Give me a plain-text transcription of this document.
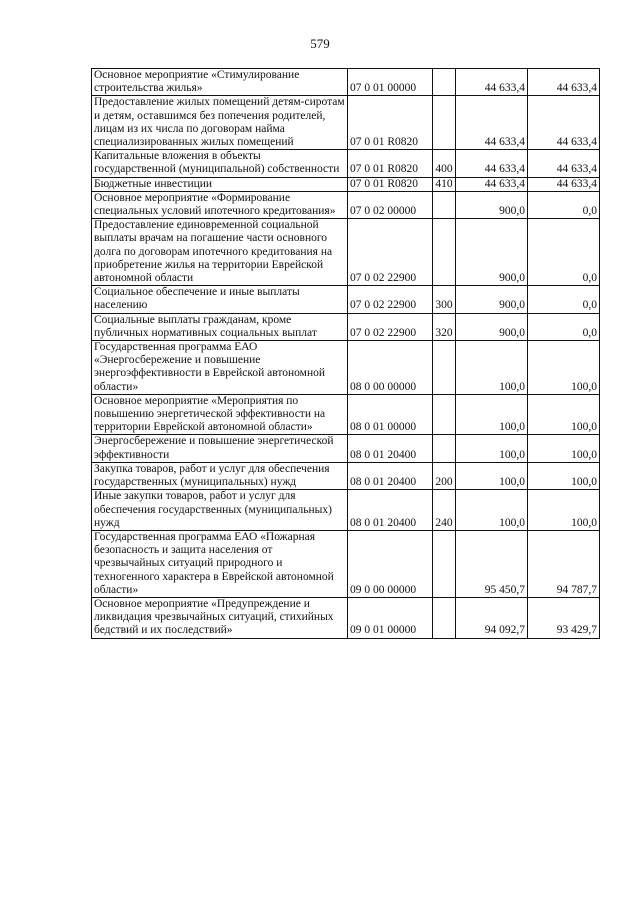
579
Основное мероприятие «Стимулирование строительства жилья»	07 0 01 00000		44 633,4	44 633,4
Предоставление жилых помещений детям-сиротам и детям, оставшимся без попечения родителей, лицам из их числа по договорам найма специализированных жилых помещений	07 0 01 R0820		44 633,4	44 633,4
Капитальные вложения в объекты государственной (муниципальной) собственности	07 0 01 R0820	400	44 633,4	44 633,4
Бюджетные инвестиции	07 0 01 R0820	410	44 633,4	44 633,4
Основное мероприятие «Формирование специальных условий ипотечного кредитования»	07 0 02 00000		900,0	0,0
Предоставление единовременной социальной выплаты врачам на погашение части основного долга по договорам ипотечного кредитования на приобретение жилья на территории Еврейской автономной области	07 0 02 22900		900,0	0,0
Социальное обеспечение и иные выплаты населению	07 0 02 22900	300	900,0	0,0
Социальные выплаты гражданам, кроме публичных нормативных социальных выплат	07 0 02 22900	320	900,0	0,0
Государственная программа ЕАО «Энергосбережение и повышение энергоэффективности в Еврейской автономной области»	08 0 00 00000		100,0	100,0
Основное мероприятие «Мероприятия по повышению энергетической эффективности на территории Еврейской автономной области»	08 0 01 00000		100,0	100,0
Энергосбережение и повышение энергетической эффективности	08 0 01 20400		100,0	100,0
Закупка товаров, работ и услуг для обеспечения государственных (муниципальных) нужд	08 0 01 20400	200	100,0	100,0
Иные закупки товаров, работ и услуг для обеспечения государственных (муниципальных) нужд	08 0 01 20400	240	100,0	100,0
Государственная программа ЕАО «Пожарная безопасность и защита населения от чрезвычайных ситуаций природного и техногенного характера в Еврейской автономной области»	09 0 00 00000		95 450,7	94 787,7
Основное мероприятие «Предупреждение и ликвидация чрезвычайных ситуаций, стихийных бедствий и их последствий»	09 0 01 00000		94 092,7	93 429,7
